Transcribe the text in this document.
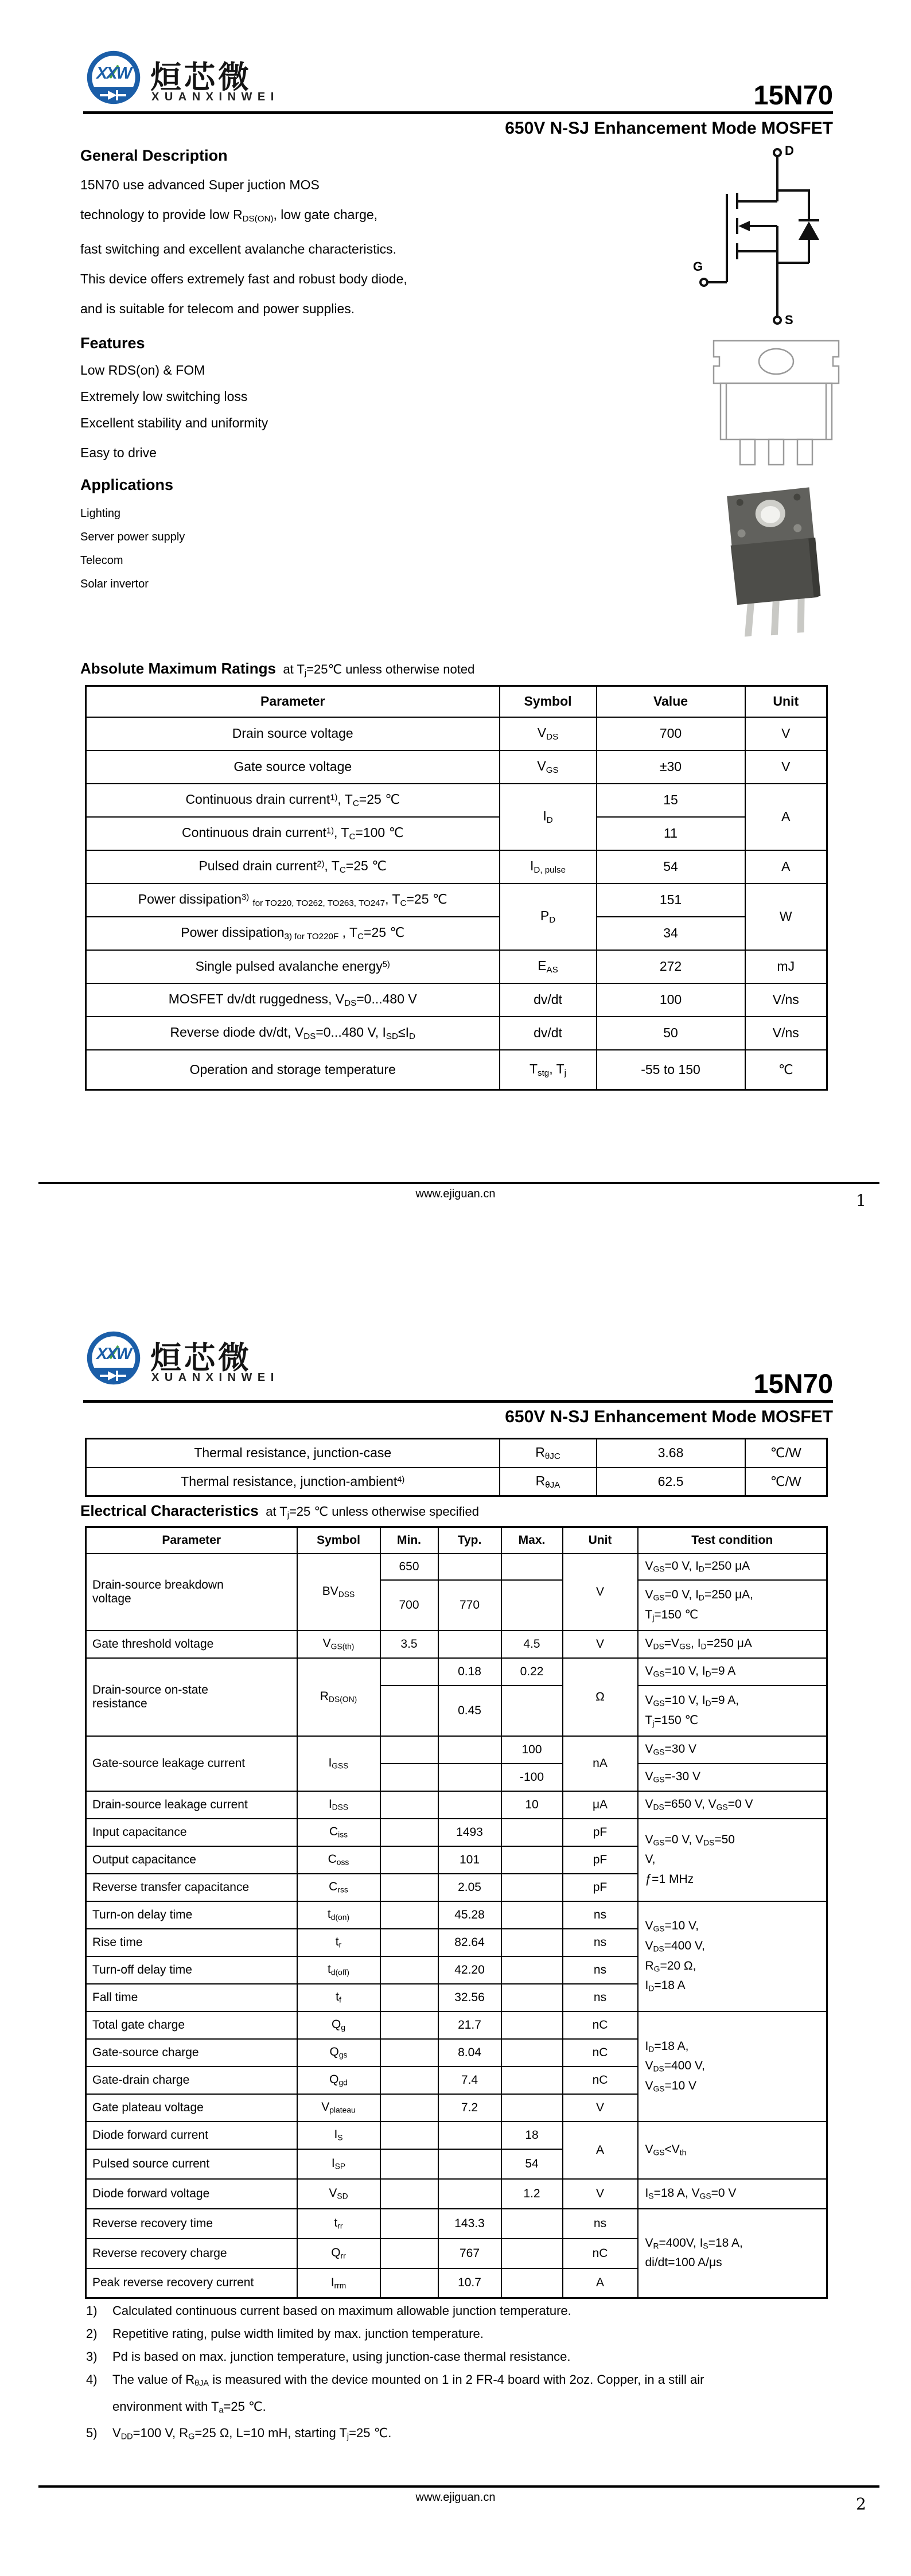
XXW 烜芯微
XUANXINWEI	15N70
650V N-SJ Enhancement Mode MOSFET
General Description
15N70 use advanced Super juction MOS
technology to provide low $R_{DS(ON)}$, low gate charge,
fast switching and excellent avalanche characteristics.
This device offers extremely fast and robust body diode,
and is suitable for telecom and power supplies.
Features
Low RDS(on) & FOM
Extremely low switching loss
Excellent stability and uniformity
Easy to drive
Applications
Lighting
Server power supply
Telecom
Solar invertor
D
G
S
Absolute Maximum Ratings at $T_j=25℃$ unless otherwise noted
Parameter	Symbol	Value	Unit
Drain source voltage	$V_{DS}$	700	V
Gate source voltage	$V_{GS}$	±30	V
Continuous drain current$^{1)}$, $T_C=25$ ℃	$I_D$	15	A
Continuous drain current$^{1)}$, $T_C=100$ ℃		11	
Pulsed drain current$^{2)}$, $T_C=25$ ℃	$I_{D, pulse}$	54	A
Power dissipation$^{3)}$ $_{for TO220, TO262, TO263, TO247}$, $T_C=25$ ℃	$P_D$	151	W
Power dissipation$_{3) for TO220F}$ , $T_C=25$ ℃		34	
Single pulsed avalanche energy$^{5)}$	$E_{AS}$	272	mJ
MOSFET dv/dt ruggedness, $V_{DS}=0...480$ V	dv/dt	100	V/ns
Reverse diode dv/dt, $V_{DS}=0...480$ V, $I_{SD}\le I_D$	dv/dt	50	V/ns
Operation and storage temperature	$T_{stg}$, $T_j$	-55 to 150	℃
www.ejiguan.cn	1
XXW 烜芯微
XUANXINWEI	15N70
650V N-SJ Enhancement Mode MOSFET
Thermal resistance, junction-case	$R_{\theta JC}$	3.68	℃/W
Thermal resistance, junction-ambient$^{4)}$	$R_{\theta JA}$	62.5	℃/W
Electrical Characteristics at $T_j=25$ ℃ unless otherwise specified
Parameter	Symbol	Min.	Typ.	Max.	Unit	Test condition
Drain-source breakdown
voltage	$BV_{DSS}$	650			V	$V_{GS}=0$ V, $I_D=250$ μA
		700	770			$V_{GS}=0$ V, $I_D=250$ μA,
$T_j=150$ ℃
Gate threshold voltage	$V_{GS(th)}$	3.5		4.5	V	$V_{DS}=V_{GS}$, $I_D=250$ μA
Drain-source on-state
resistance	$R_{DS(ON)}$		0.18	0.22	Ω	$V_{GS}=10$ V, $I_D=9$ A
			0.45			$V_{GS}=10$ V, $I_D=9$ A,
$T_j=150$ ℃
Gate-source leakage current	$I_{GSS}$			100	nA	$V_{GS}=30$ V
				-100		$V_{GS}=-30$ V
Drain-source leakage current	$I_{DSS}$			10	μA	$V_{DS}=650$ V, $V_{GS}=0$ V
Input capacitance	$C_{iss}$		1493		pF	$V_{GS}=0$ V, $V_{DS}=50$
V,
ƒ=1 MHz
Output capacitance	$C_{oss}$		101		pF	
Reverse transfer capacitance	$C_{rss}$		2.05		pF	
Turn-on delay time	$t_{d(on)}$		45.28		ns	$V_{GS}=10$ V,
$V_{DS}=400$ V,
$R_G=20$ Ω,
$I_D=18$ A
Rise time	$t_r$		82.64		ns	
Turn-off delay time	$t_{d(off)}$		42.20		ns	
Fall time	$t_f$		32.56		ns	
Total gate charge	$Q_g$		21.7		nC	$I_D=18$ A,
$V_{DS}=400$ V,
$V_{GS}=10$ V
Gate-source charge	$Q_{gs}$		8.04		nC	
Gate-drain charge	$Q_{gd}$		7.4		nC	
Gate plateau voltage	$V_{plateau}$		7.2		V	
Diode forward current	$I_S$			18	A	$V_{GS}<V_{th}$
Pulsed source current	$I_{SP}$			54		
Diode forward voltage	$V_{SD}$			1.2	V	$I_S=18$ A, $V_{GS}=0$ V
Reverse recovery time	$t_{rr}$		143.3		ns	$V_R=400V$, $I_S=18$ A,
di/dt=100 A/μs
Reverse recovery charge	$Q_{rr}$		767		nC	
Peak reverse recovery current	$I_{rrm}$		10.7		A	
1)	Calculated continuous current based on maximum allowable junction temperature.
2)	Repetitive rating, pulse width limited by max. junction temperature.
3)	Pd is based on max. junction temperature, using junction-case thermal resistance.
4)	The value of $R_{\theta JA}$ is measured with the device mounted on 1 in 2 FR-4 board with 2oz. Copper, in a still air
environment with $T_a=25$ ℃.
5)	$V_{DD}=100$ V, $R_G=25$ Ω, L=10 mH, starting $T_j=25$ ℃.
www.ejiguan.cn	2
